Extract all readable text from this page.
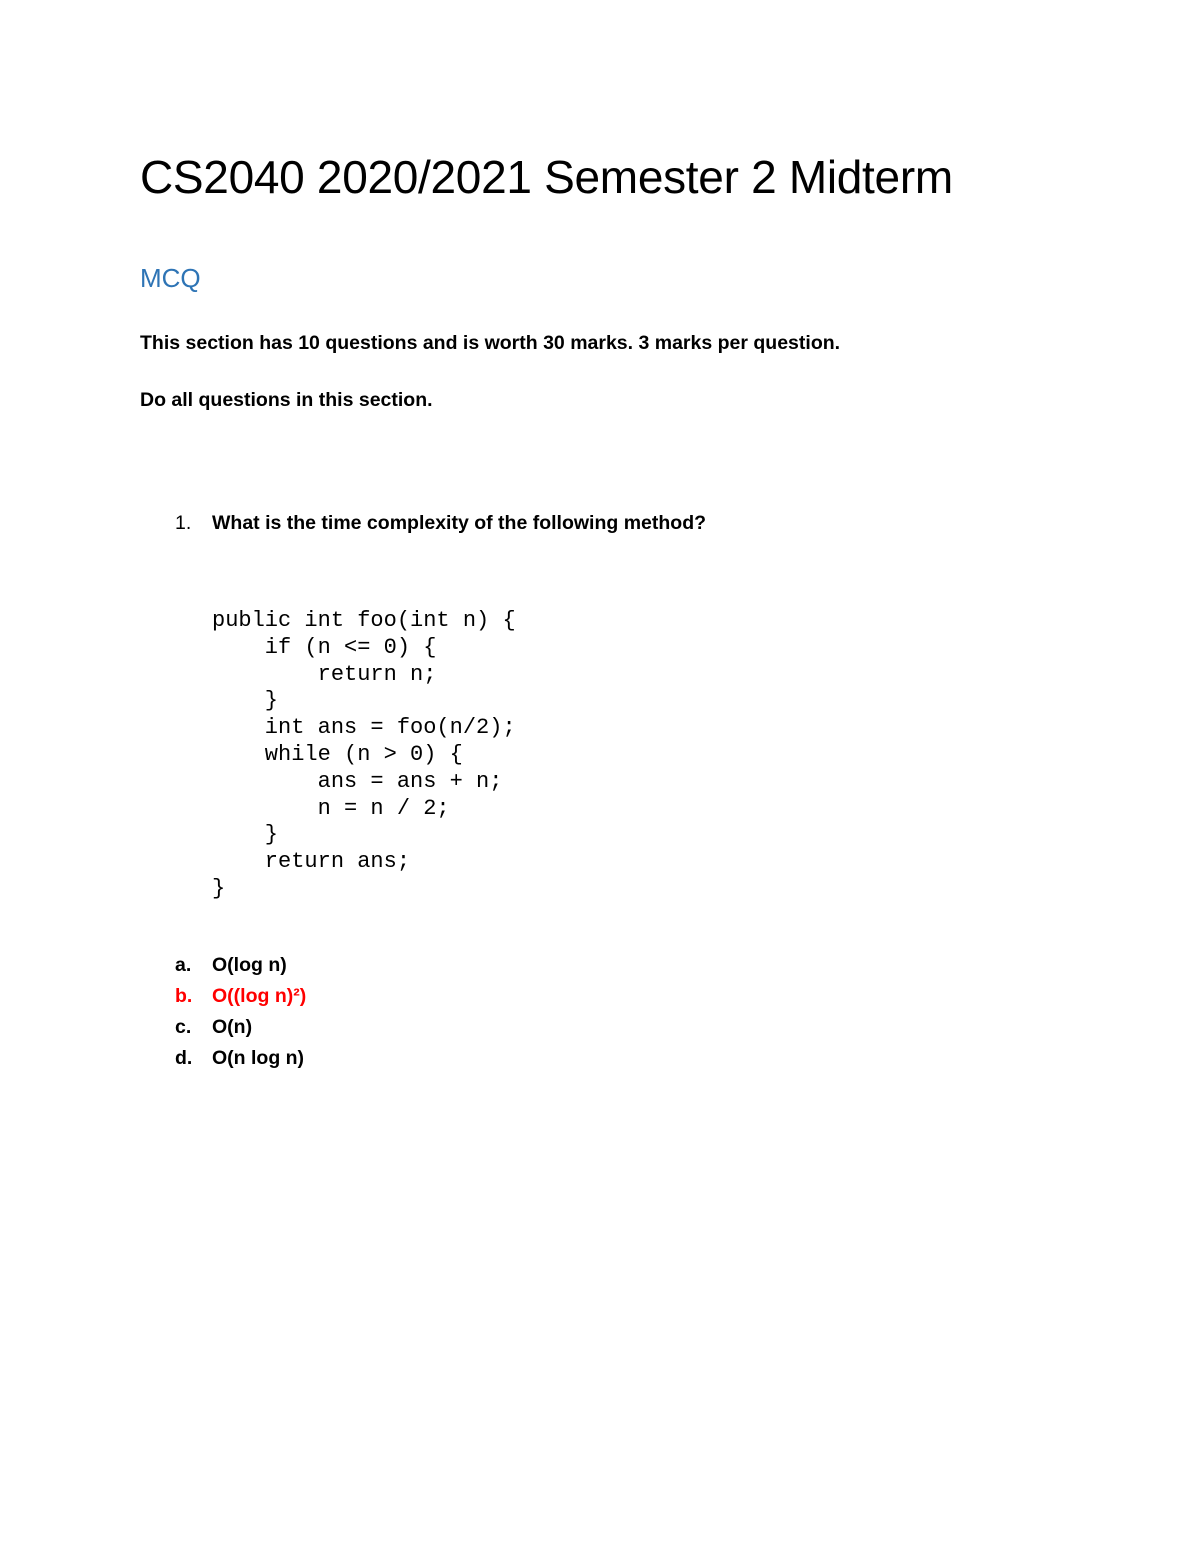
CS2040 2020/2021 Semester 2 Midterm
MCQ

This section has 10 questions and is worth 30 marks. 3 marks per question.

Do all questions in this section.

1. What is the time complexity of the following method?
public int foo(int n) {
if (n <= 0) {
return n;
}
int ans = foo(n/2);
while (n > 0) {
ans = ans + n;
n = n / 2;
}
return ans;
}
a. O(log n)
b. O((log n)²)
c. O(n)
d. O(n log n)
